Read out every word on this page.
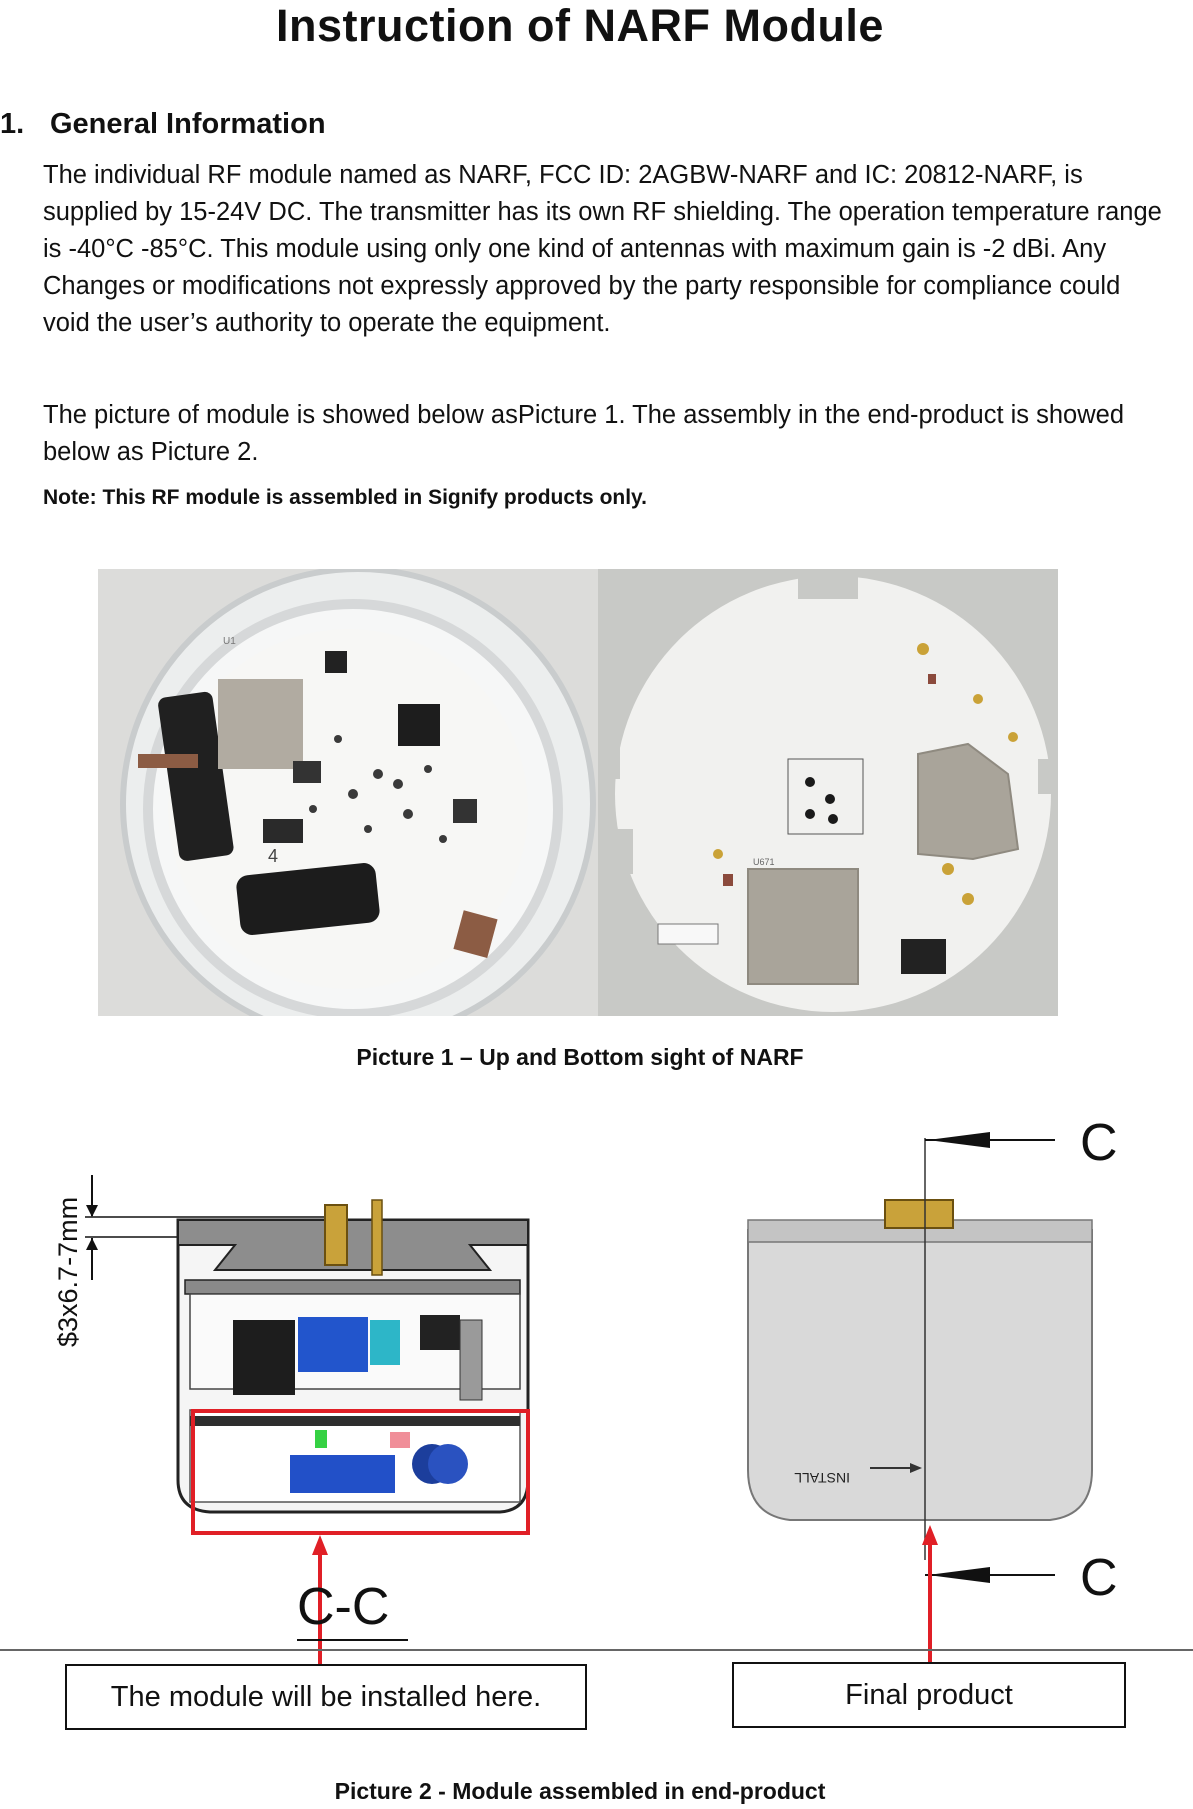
Instruction of NARF Module
1. General Information
The individual RF module named as NARF, FCC ID: 2AGBW-NARF and IC: 20812-NARF, is supplied by 15-24V DC. The transmitter has its own RF shielding. The operation temperature range is -40°C -85°C. This module using only one kind of antennas with maximum gain is -2 dBi. Any Changes or modifications not expressly approved by the party responsible for compliance could void the user’s authority to operate the equipment.
The picture of module is showed below asPicture 1. The assembly in the end-product is showed below as Picture 2.
Note: This RF module is assembled in Signify products only.
4
U1
U671
Picture 1 – Up and Bottom sight of NARF
$3x6.7-7mm
C-C
INSTALL
C
C
The module will be installed here.	Final product
Picture 2 - Module assembled in end-product
